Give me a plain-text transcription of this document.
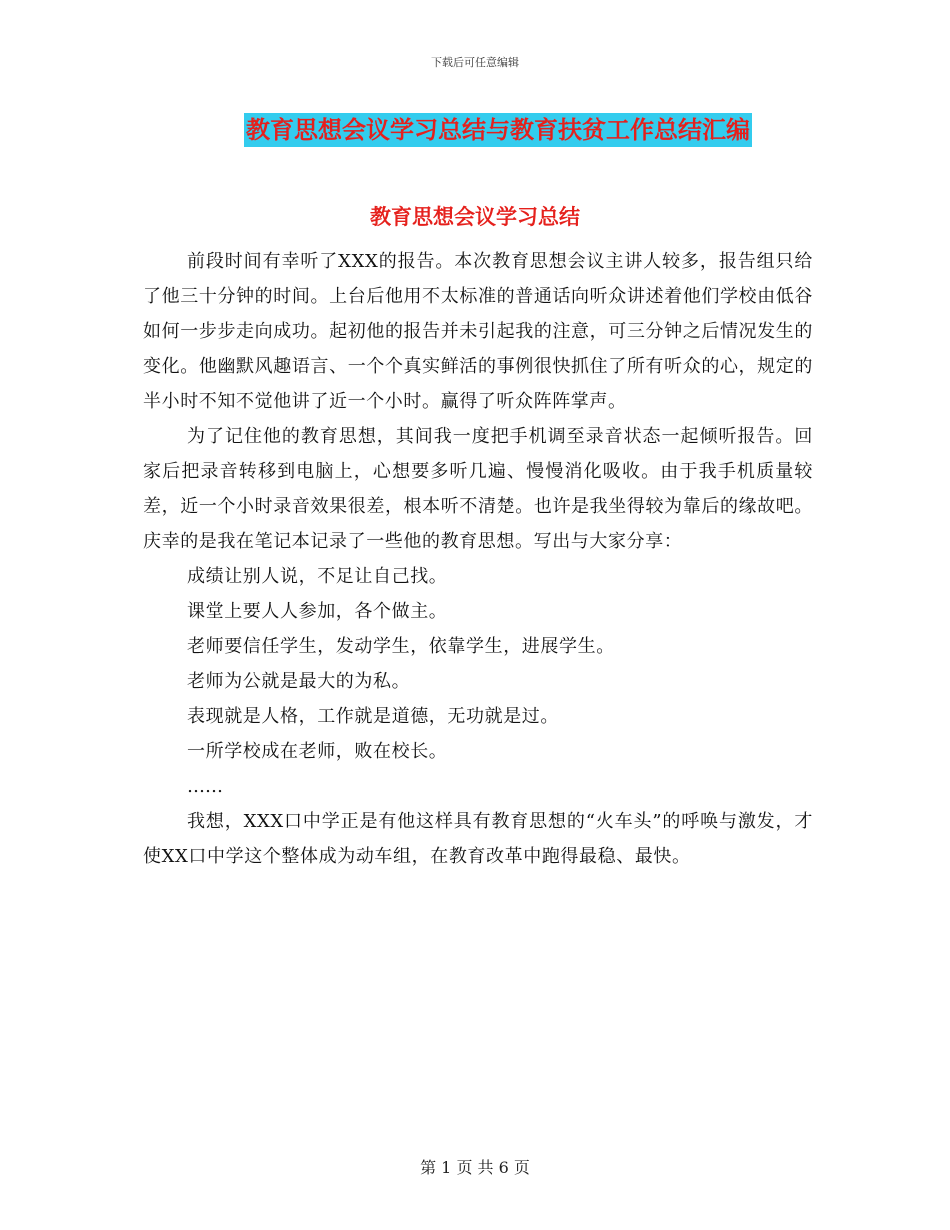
下载后可任意编辑
教育思想会议学习总结与教育扶贫工作总结汇编
教育思想会议学习总结

前段时间有幸听了XXX的报告。本次教育思想会议主讲人较多，报告组只给了他三十分钟的时间。上台后他用不太标准的普通话向听众讲述着他们学校由低谷如何一步步走向成功。起初他的报告并未引起我的注意，可三分钟之后情况发生的变化。他幽默风趣语言、一个个真实鲜活的事例很快抓住了所有听众的心，规定的半小时不知不觉他讲了近一个小时。赢得了听众阵阵掌声。

为了记住他的教育思想，其间我一度把手机调至录音状态一起倾听报告。回家后把录音转移到电脑上，心想要多听几遍、慢慢消化吸收。由于我手机质量较差，近一个小时录音效果很差，根本听不清楚。也许是我坐得较为靠后的缘故吧。庆幸的是我在笔记本记录了一些他的教育思想。写出与大家分享：

成绩让别人说，不足让自己找。

课堂上要人人参加，各个做主。

老师要信任学生，发动学生，依靠学生，进展学生。

老师为公就是最大的为私。

表现就是人格，工作就是道德，无功就是过。

一所学校成在老师，败在校长。

……

我想，XXX口中学正是有他这样具有教育思想的“火车头”的呼唤与激发，才使XX口中学这个整体成为动车组，在教育改革中跑得最稳、最快。

第 1 页 共 6 页
